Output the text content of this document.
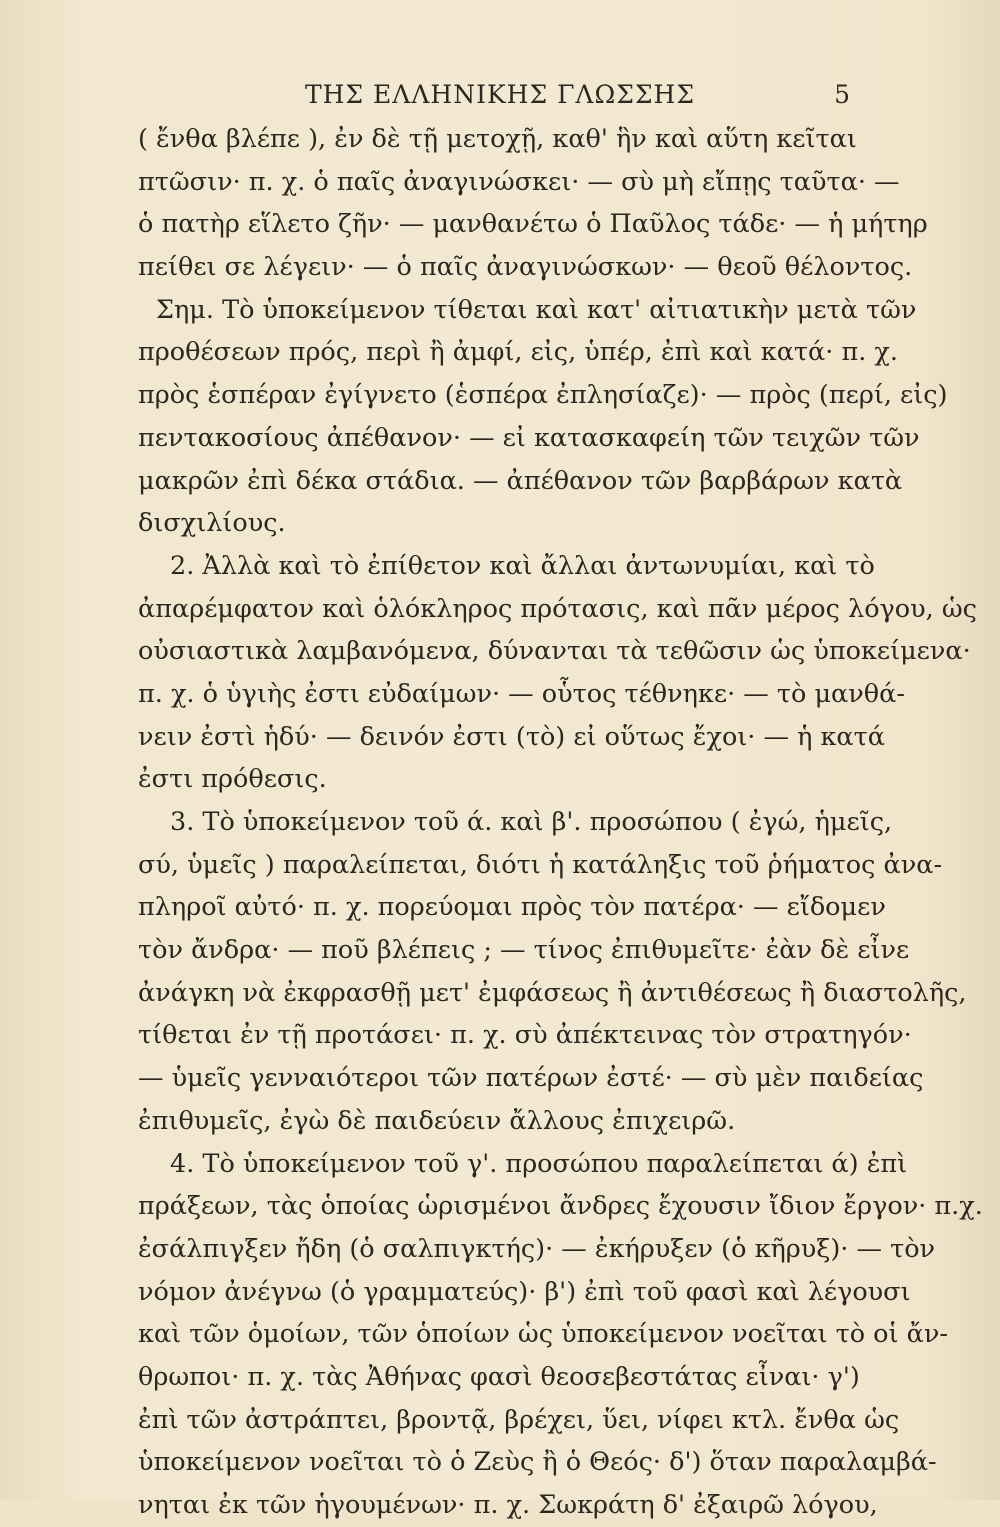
ΤΗΣ ΕΛΛΗΝΙΚΗΣ ΓΛΩΣΣΗΣ	5
( ἔνθα βλέπε ), ἐν δὲ τῇ μετοχῇ, καθ' ἣν καὶ αὕτη κεῖται
πτῶσιν· π. χ. ὁ παῖς ἀναγινώσκει· — σὺ μὴ εἴπῃς ταῦτα· —
ὁ πατὴρ εἵλετο ζῆν· — μανθανέτω ὁ Παῦλος τάδε· — ἡ μήτηρ
πείθει σε λέγειν· — ὁ παῖς ἀναγινώσκων· — θεοῦ θέλοντος.
Σημ. Τὸ ὑποκείμενον τίθεται καὶ κατ' αἰτιατικὴν μετὰ τῶν
προθέσεων πρός, περὶ ἢ ἀμφί, εἰς, ὑπέρ, ἐπὶ καὶ κατά· π. χ.
πρὸς ἑσπέραν ἐγίγνετο (ἑσπέρα ἐπλησίαζε)· — πρὸς (περί, εἰς)
πεντακοσίους ἀπέθανον· — εἰ κατασκαφείη τῶν τειχῶν τῶν
μακρῶν ἐπὶ δέκα στάδια. — ἀπέθανον τῶν βαρβάρων κατὰ
δισχιλίους.
2. Ἀλλὰ καὶ τὸ ἐπίθετον καὶ ἄλλαι ἀντωνυμίαι, καὶ τὸ
ἀπαρέμφατον καὶ ὁλόκληρος πρότασις, καὶ πᾶν μέρος λόγου, ὡς
οὐσιαστικὰ λαμβανόμενα, δύνανται τὰ τεθῶσιν ὡς ὑποκείμενα·
π. χ. ὁ ὑγιὴς ἐστι εὐδαίμων· — οὗτος τέθνηκε· — τὸ μανθά-
νειν ἐστὶ ἡδύ· — δεινόν ἐστι (τὸ) εἰ οὕτως ἔχοι· — ἡ κατά
ἐστι πρόθεσις.
3. Τὸ ὑποκείμενον τοῦ ά. καὶ β'. προσώπου ( ἐγώ, ἡμεῖς,
σύ, ὑμεῖς ) παραλείπεται, διότι ἡ κατάληξις τοῦ ῥήματος ἀνα-
πληροῖ αὐτό· π. χ. πορεύομαι πρὸς τὸν πατέρα· — εἴδομεν
τὸν ἄνδρα· — ποῦ βλέπεις ; — τίνος ἐπιθυμεῖτε· ἐὰν δὲ εἶνε
ἀνάγκη νὰ ἐκφρασθῇ μετ' ἐμφάσεως ἢ ἀντιθέσεως ἢ διαστολῆς,
τίθεται ἐν τῇ προτάσει· π. χ. σὺ ἀπέκτεινας τὸν στρατηγόν·
— ὑμεῖς γενναιότεροι τῶν πατέρων ἐστέ· — σὺ μὲν παιδείας
ἐπιθυμεῖς, ἐγὼ δὲ παιδεύειν ἄλλους ἐπιχειρῶ.
4. Τὸ ὑποκείμενον τοῦ γ'. προσώπου παραλείπεται ά) ἐπὶ
πράξεων, τὰς ὁποίας ὡρισμένοι ἄνδρες ἔχουσιν ἴδιον ἔργον· π.χ.
ἐσάλπιγξεν ἤδη (ὁ σαλπιγκτής)· — ἐκήρυξεν (ὁ κῆρυξ)· — τὸν
νόμον ἀνέγνω (ὁ γραμματεύς)· β') ἐπὶ τοῦ φασὶ καὶ λέγουσι
καὶ τῶν ὁμοίων, τῶν ὁποίων ὡς ὑποκείμενον νοεῖται τὸ οἱ ἄν-
θρωποι· π. χ. τὰς Ἀθήνας φασὶ θεοσεβεστάτας εἶναι· γ')
ἐπὶ τῶν ἀστράπτει, βροντᾷ, βρέχει, ὕει, νίφει κτλ. ἔνθα ὡς
ὑποκείμενον νοεῖται τὸ ὁ Ζεὺς ἢ ὁ Θεός· δ') ὅταν παραλαμβά-
νηται ἐκ τῶν ἡγουμένων· π. χ. Σωκράτη δ' ἐξαιρῶ λόγου,
